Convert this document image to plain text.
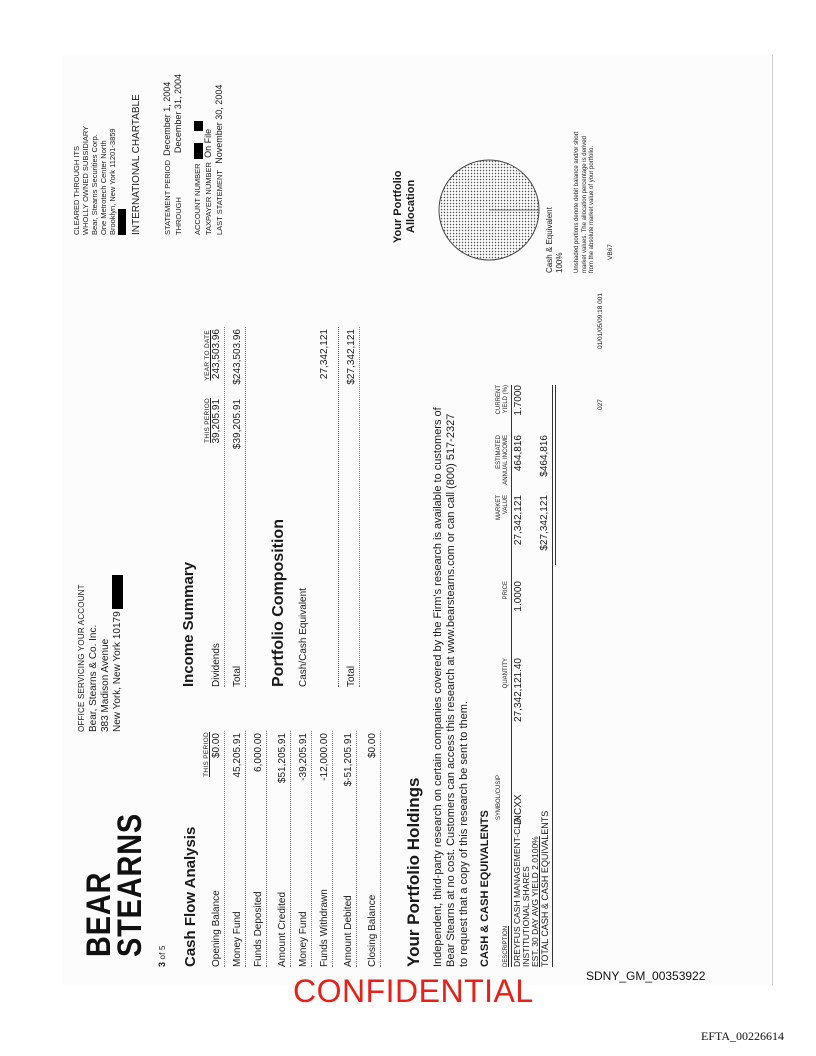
BEAR
STEARNS
3 of 5
OFFICE SERVICING YOUR ACCOUNT Bear, Stearns & Co. Inc. 383 Madison Avenue New York, New York 10179
CLEARED THROUGH ITS WHOLLY OWNED SUBSIDIARY Bear, Stearns Securities Corp. One Metrotech Center North Brooklyn, New York 11201-3859 INTERNATIONAL CHARTABLE	STATEMENT PERIOD  December 1, 2004
THROUGHDecember 31, 2004
ACCOUNT NUMBER TAXPAYER NUMBER  On File
LAST STATEMENT   November 30, 2004
Cash Flow Analysis
THIS PERIOD
Opening Balance
$0.00
Money Fund
45,205.91
Funds Deposited
6,000.00
Amount Credited
$51,205.91
Money Fund
-39,205.91
Funds Withdrawn
-12,000.00
Amount Debited
$-51,205.91
Closing Balance
$0.00
Income Summary
THIS PERIOD
YEAR TO DATE
Dividends
39,205.91
243,503.96
Total
$39,205.91
$243,503.96
Portfolio Composition Cash/Cash Equivalent
27,342,121
Total
$27,342,121
Your Portfolio Allocation
Cash & Equivalent 100% Unshaded portions denote debit balance and/or short market values. The allocation percentage is derived from the absolute market value of your portfolio. VB67
Your Portfolio Holdings Independent, third-party research on certain companies covered by the Firm's research is available to customers of Bear Stearns at no cost. Customers can access this research at www.bearstearns.com or can call (800) 517-2327 to request that a copy of this research be sent to them. CASH & CASH EQUIVALENTS DESCRIPTION
SYMBOL/CUSIP
QUANTITY
PRICE
MARKET VALUE
ESTIMATED ANNUAL INCOME
CURRENT YIELD (%)
DREYFUS CASH MANAGEMENT-CL A INSTITUTIONAL SHARES EST. 30 DAY AVG YIELD 2.0100%
DICXX
27,342,121.40
1.0000
27,342,121
464,816
1.7000
TOTAL CASH & CASH EQUIVALENTS
$27,342,121
$464,816
027
01/01/05/09:18 001
CONFIDENTIAL	SDNY_GM_00353922
EFTA_00226614
